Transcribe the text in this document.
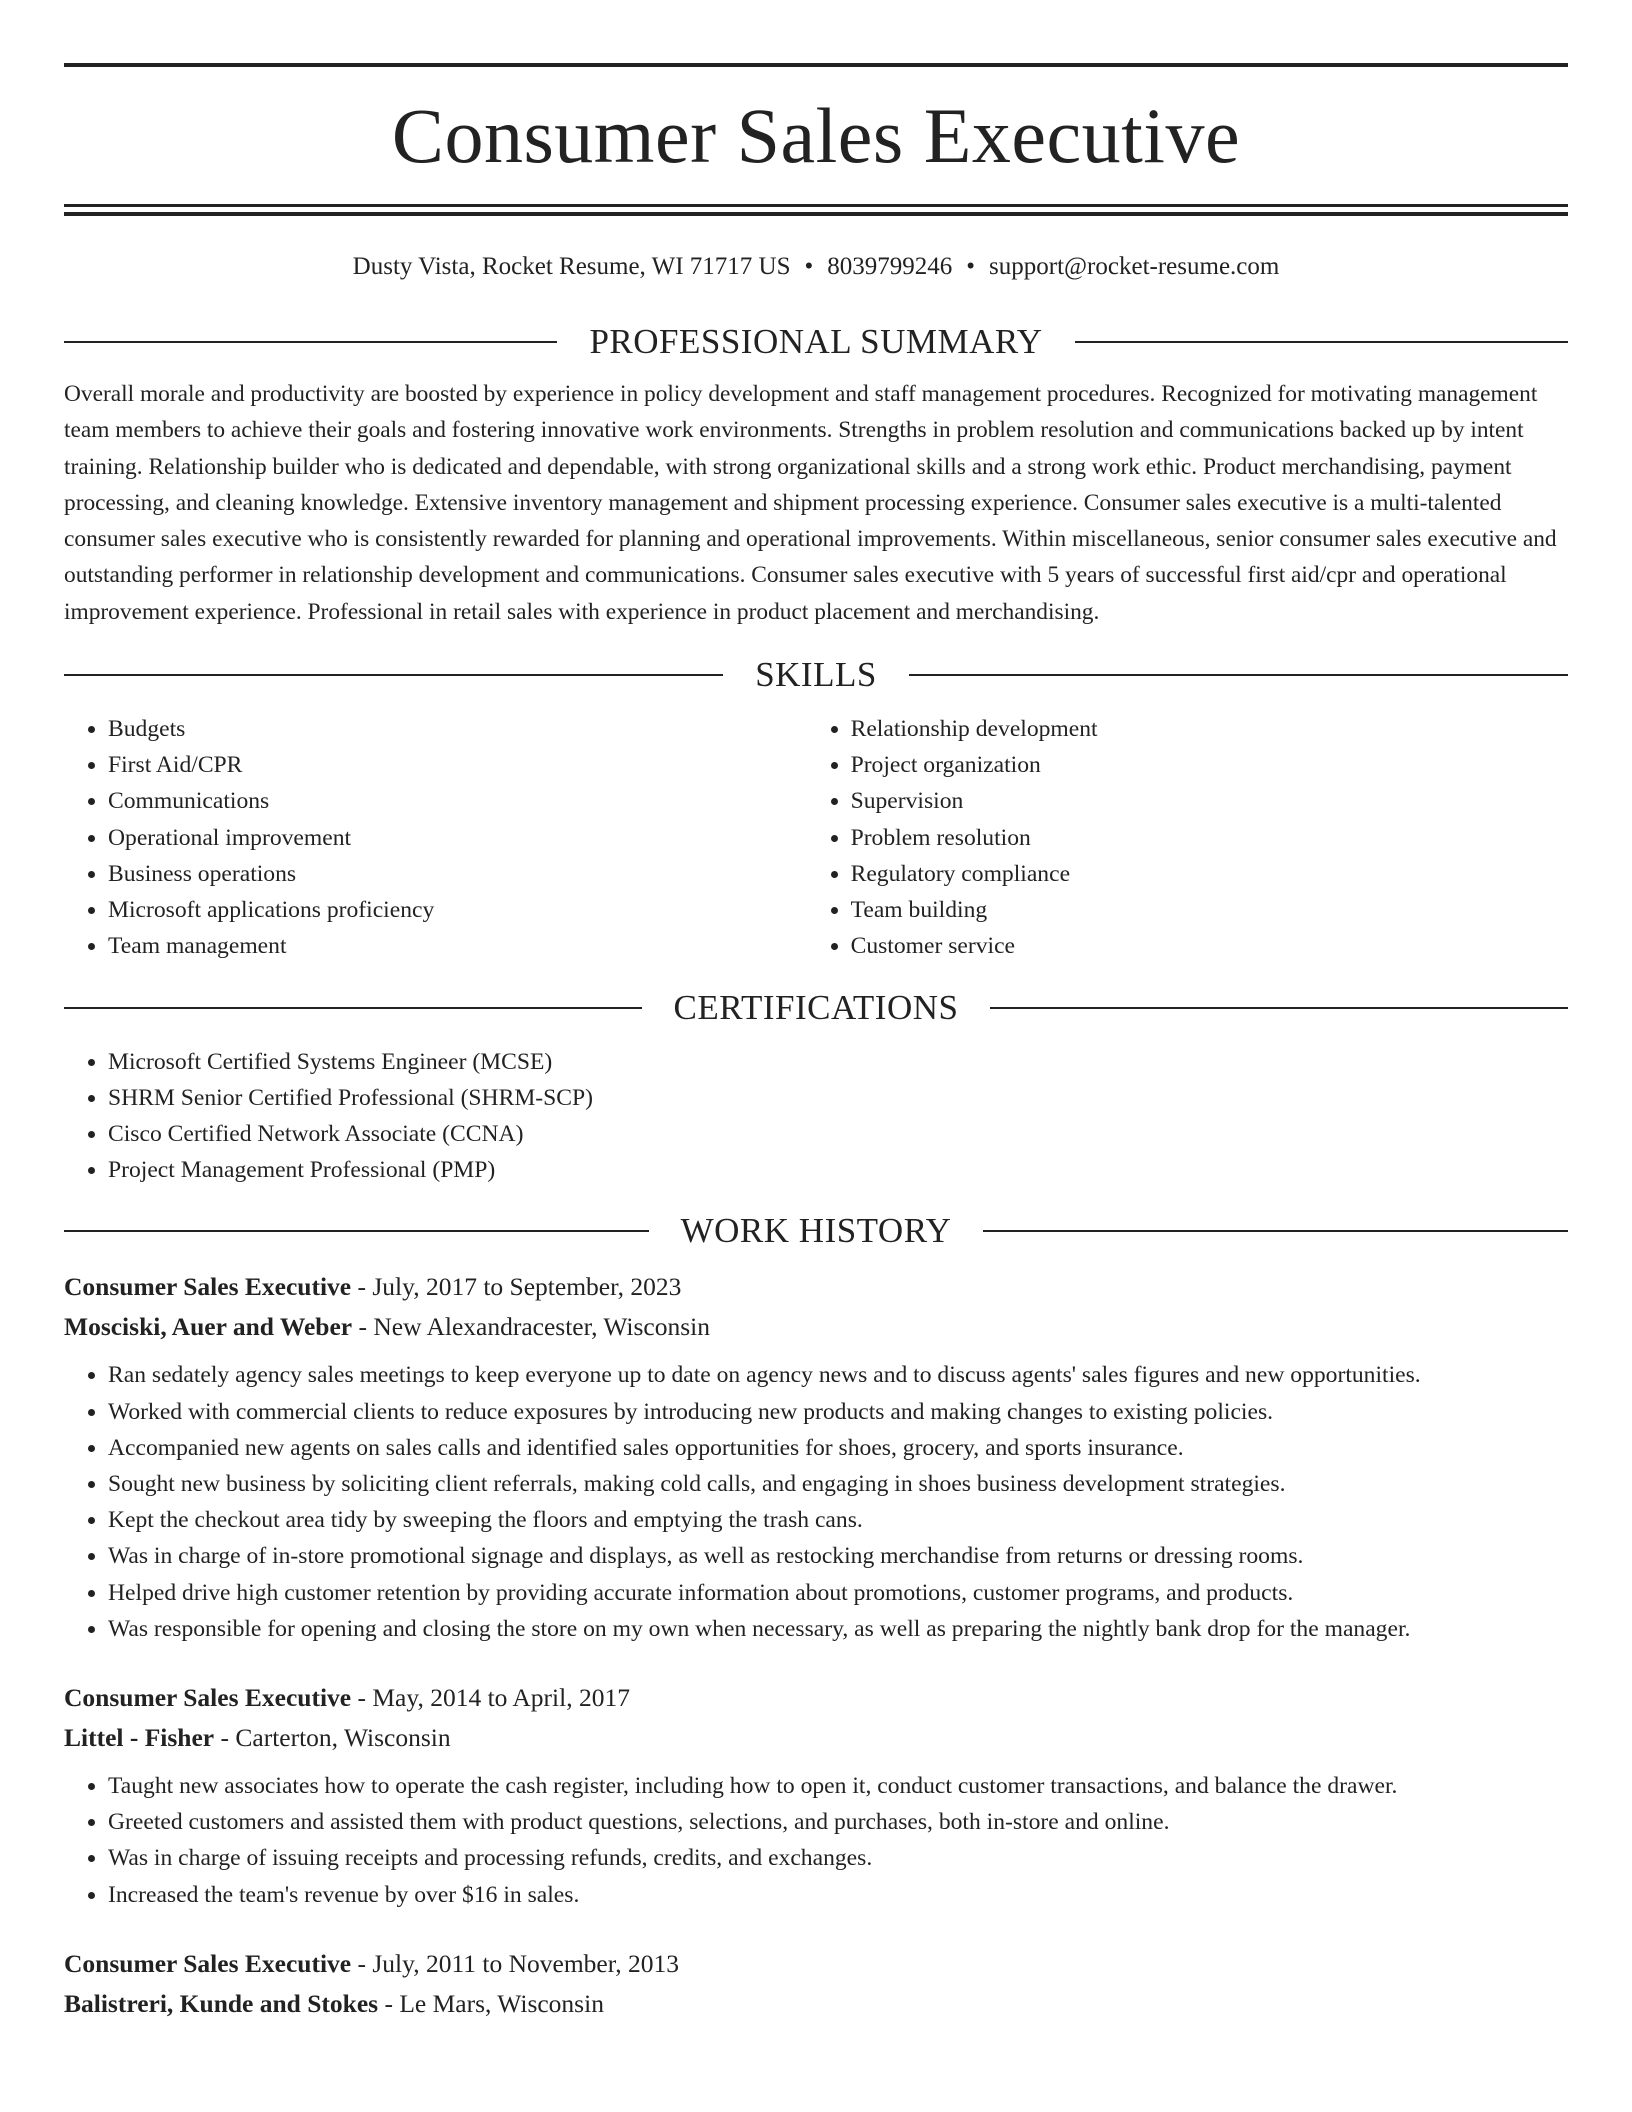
Consumer Sales Executive
Dusty Vista, Rocket Resume, WI 71717 US • 8039799246 • support@rocket-resume.com
PROFESSIONAL SUMMARY

Overall morale and productivity are boosted by experience in policy development and staff management procedures. Recognized for motivating management team members to achieve their goals and fostering innovative work environments. Strengths in problem resolution and communications backed up by intent training. Relationship builder who is dedicated and dependable, with strong organizational skills and a strong work ethic. Product merchandising, payment processing, and cleaning knowledge. Extensive inventory management and shipment processing experience. Consumer sales executive is a multi-talented consumer sales executive who is consistently rewarded for planning and operational improvements. Within miscellaneous, senior consumer sales executive and outstanding performer in relationship development and communications. Consumer sales executive with 5 years of successful first aid/cpr and operational improvement experience. Professional in retail sales with experience in product placement and merchandising.

SKILLS
• Budgets
• First Aid/CPR
• Communications
• Operational improvement
• Business operations
• Microsoft applications proficiency
• Team management
• Relationship development
• Project organization
• Supervision
• Problem resolution
• Regulatory compliance
• Team building
• Customer service
CERTIFICATIONS
• Microsoft Certified Systems Engineer (MCSE)
• SHRM Senior Certified Professional (SHRM-SCP)
• Cisco Certified Network Associate (CCNA)
• Project Management Professional (PMP)
WORK HISTORY
Consumer Sales Executive - July, 2017 to September, 2023
Mosciski, Auer and Weber - New Alexandracester, Wisconsin
• Ran sedately agency sales meetings to keep everyone up to date on agency news and to discuss agents' sales figures and new opportunities.
• Worked with commercial clients to reduce exposures by introducing new products and making changes to existing policies.
• Accompanied new agents on sales calls and identified sales opportunities for shoes, grocery, and sports insurance.
• Sought new business by soliciting client referrals, making cold calls, and engaging in shoes business development strategies.
• Kept the checkout area tidy by sweeping the floors and emptying the trash cans.
• Was in charge of in-store promotional signage and displays, as well as restocking merchandise from returns or dressing rooms.
• Helped drive high customer retention by providing accurate information about promotions, customer programs, and products.
• Was responsible for opening and closing the store on my own when necessary, as well as preparing the nightly bank drop for the manager.
Consumer Sales Executive - May, 2014 to April, 2017
Littel - Fisher - Carterton, Wisconsin
• Taught new associates how to operate the cash register, including how to open it, conduct customer transactions, and balance the drawer.
• Greeted customers and assisted them with product questions, selections, and purchases, both in-store and online.
• Was in charge of issuing receipts and processing refunds, credits, and exchanges.
• Increased the team's revenue by over $16 in sales.
Consumer Sales Executive - July, 2011 to November, 2013
Balistreri, Kunde and Stokes - Le Mars, Wisconsin
